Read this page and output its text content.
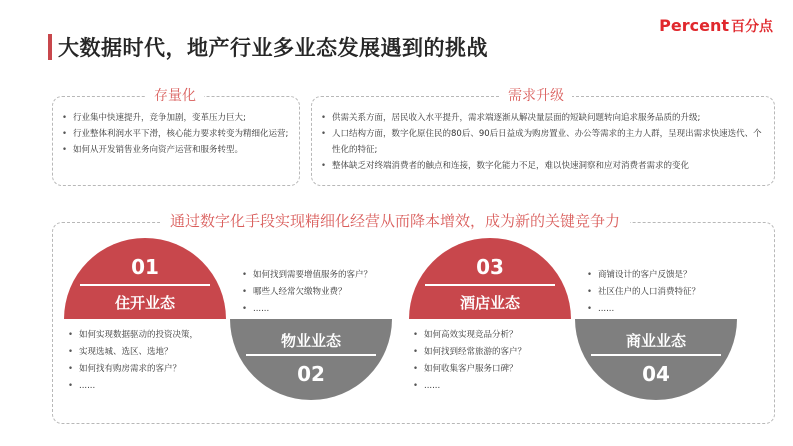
大数据时代，地产行业多业态发展遇到的挑战
Percent 百分点
存量化
• 行业集中快速提升，竞争加剧，变革压力巨大;
• 行业整体利润水平下滑，核心能力要求转变为精细化运营;
• 如何从开发销售业务向资产运营和服务转型。
需求升级
• 供需关系方面，居民收入水平提升，需求端逐渐从解决量层面的短缺问题转向追求服务品质的升级;
• 人口结构方面，数字化原住民的80后、90后日益成为购房置业、办公等需求的主力人群，呈现出需求快速迭代、个性化的特征;
• 整体缺乏对终端消费者的触点和连接，数字化能力不足，难以快速洞察和应对消费者需求的变化
通过数字化手段实现精细化经营从而降本增效，成为新的关键竞争力
01
住开业态
• 如何实现数据驱动的投资决策，
• 实现选城、选区、选地？
• 如何找有购房需求的客户？
• ......
• 如何找到需要增值服务的客户？
• 哪些人经常欠缴物业费？
• ......
物业业态
02
03
酒店业态
• 如何高效实现竞品分析？
• 如何找到经常旅游的客户？
• 如何收集客户服务口碑？
• ......
• 商铺设计的客户反馈是？
• 社区住户的人口消费特征？
• ......
商业业态
04
